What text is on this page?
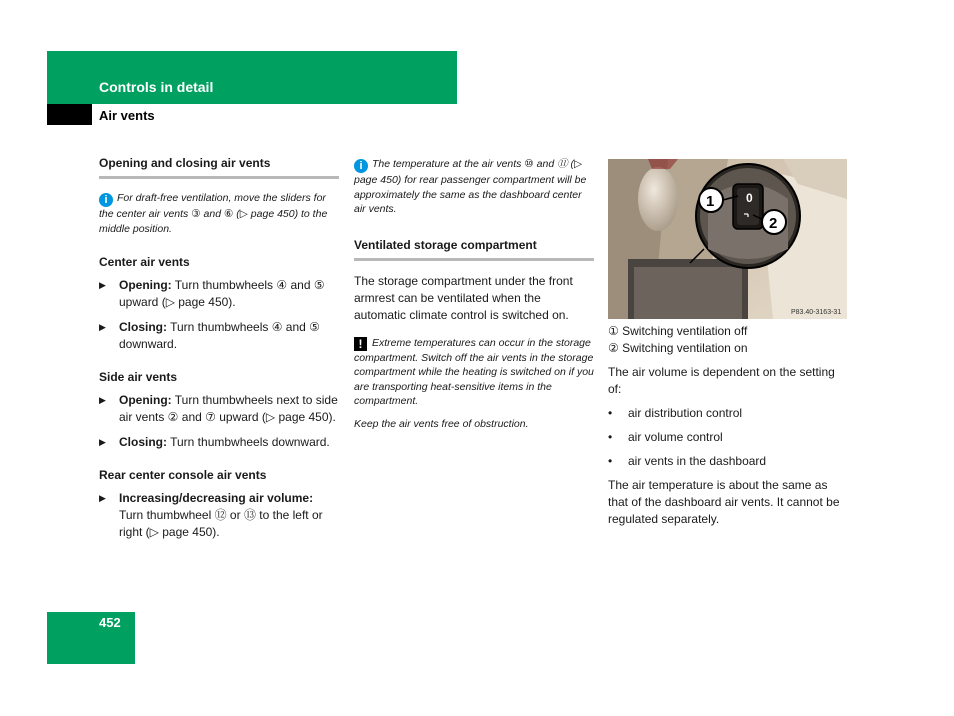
Controls in detail
Air vents
Opening and closing air vents

i For draft-free ventilation, move the sliders for the center air vents ③ and ⑥ (▷ page 450) to the middle position.

Center air vents

▶ Opening: Turn thumbwheels ④ and ⑤ upward (▷ page 450).
▶ Closing: Turn thumbwheels ④ and ⑤ downward.

Side air vents

▶ Opening: Turn thumbwheels next to side air vents ② and ⑦ upward (▷ page 450).
▶ Closing: Turn thumbwheels downward.

Rear center console air vents

▶ Increasing/decreasing air volume: Turn thumbwheel ⑫ or ⑬ to the left or right (▷ page 450).

i The temperature at the air vents ⑩ and ⑪ (▷ page 450) for rear passenger compartment will be approximately the same as the dashboard center air vents.

Ventilated storage compartment

The storage compartment under the front armrest can be ventilated when the automatic climate control is switched on.

! Extreme temperatures can occur in the storage compartment. Switch off the air vents in the storage compartment while the heating is switched on if you are transporting heat-sensitive items in the compartment.

Keep the air vents free of obstruction.

0
1
2
P83.40-3163-31

① Switching ventilation off

② Switching ventilation on

The air volume is dependent on the setting of:

• air distribution control
• air volume control
• air vents in the dashboard

The air temperature is about the same as that of the dashboard air vents. It cannot be regulated separately.

452
